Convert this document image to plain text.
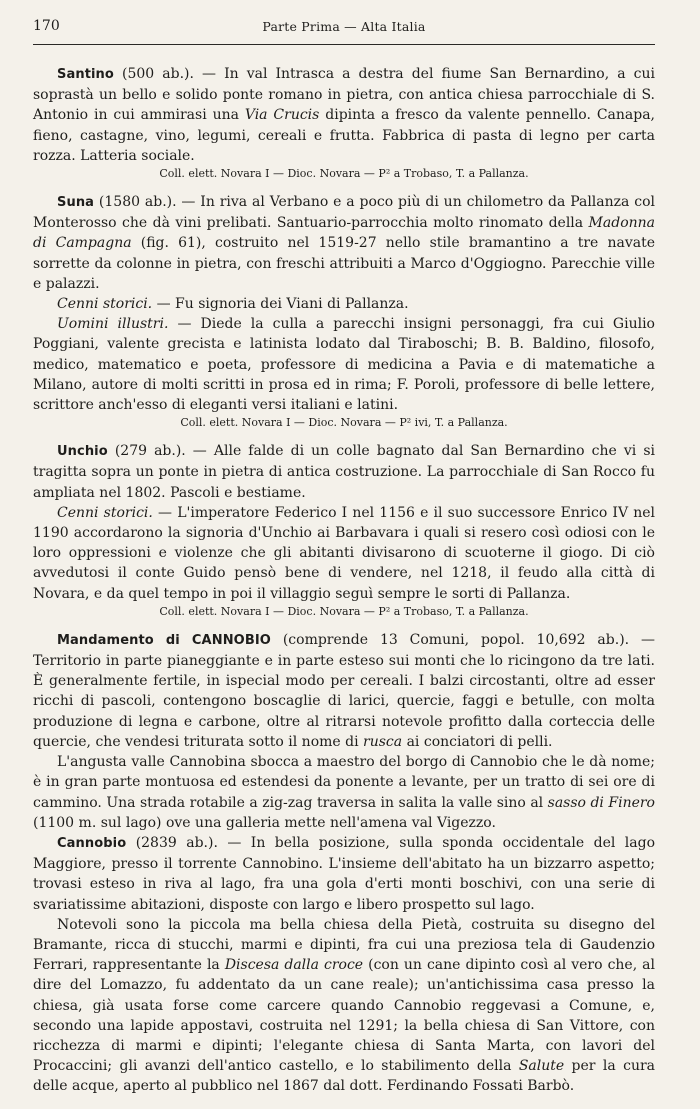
170	Parte Prima — Alta Italia

Santino (500 ab.). — In val Intrasca a destra del fiume San Bernardino, a cui soprastà un bello e solido ponte romano in pietra, con antica chiesa parrocchiale di S. Antonio in cui ammirasi una Via Crucis dipinta a fresco da valente pennello. Canapa, fieno, castagne, vino, legumi, cereali e frutta. Fabbrica di pasta di legno per carta rozza. Latteria sociale.

Coll. elett. Novara I — Dioc. Novara — P² a Trobaso, T. a Pallanza.

Suna (1580 ab.). — In riva al Verbano e a poco più di un chilometro da Pallanza col Monterosso che dà vini prelibati. Santuario-parrocchia molto rinomato della Madonna di Campagna (fig. 61), costruito nel 1519-27 nello stile bramantino a tre navate sorrette da colonne in pietra, con freschi attribuiti a Marco d'Oggiogno. Parecchie ville e palazzi.

Cenni storici. — Fu signoria dei Viani di Pallanza.

Uomini illustri. — Diede la culla a parecchi insigni personaggi, fra cui Giulio Poggiani, valente grecista e latinista lodato dal Tiraboschi; B. B. Baldino, filosofo, medico, matematico e poeta, professore di medicina a Pavia e di matematiche a Milano, autore di molti scritti in prosa ed in rima; F. Poroli, professore di belle lettere, scrittore anch'esso di eleganti versi italiani e latini.

Coll. elett. Novara I — Dioc. Novara — P² ivi, T. a Pallanza.

Unchio (279 ab.). — Alle falde di un colle bagnato dal San Bernardino che vi si tragitta sopra un ponte in pietra di antica costruzione. La parrocchiale di San Rocco fu ampliata nel 1802. Pascoli e bestiame.

Cenni storici. — L'imperatore Federico I nel 1156 e il suo successore Enrico IV nel 1190 accordarono la signoria d'Unchio ai Barbavara i quali si resero così odiosi con le loro oppressioni e violenze che gli abitanti divisarono di scuoterne il giogo. Di ciò avvedutosi il conte Guido pensò bene di vendere, nel 1218, il feudo alla città di Novara, e da quel tempo in poi il villaggio seguì sempre le sorti di Pallanza.

Coll. elett. Novara I — Dioc. Novara — P² a Trobaso, T. a Pallanza.

Mandamento di CANNOBIO (comprende 13 Comuni, popol. 10,692 ab.). — Territorio in parte pianeggiante e in parte esteso sui monti che lo ricingono da tre lati. È generalmente fertile, in ispecial modo per cereali. I balzi circostanti, oltre ad esser ricchi di pascoli, contengono boscaglie di larici, quercie, faggi e betulle, con molta produzione di legna e carbone, oltre al ritrarsi notevole profitto dalla corteccia delle quercie, che vendesi triturata sotto il nome di rusca ai conciatori di pelli.

L'angusta valle Cannobina sbocca a maestro del borgo di Cannobio che le dà nome; è in gran parte montuosa ed estendesi da ponente a levante, per un tratto di sei ore di cammino. Una strada rotabile a zig-zag traversa in salita la valle sino al sasso di Finero (1100 m. sul lago) ove una galleria mette nell'amena val Vigezzo.

Cannobio (2839 ab.). — In bella posizione, sulla sponda occidentale del lago Maggiore, presso il torrente Cannobino. L'insieme dell'abitato ha un bizzarro aspetto; trovasi esteso in riva al lago, fra una gola d'erti monti boschivi, con una serie di svariatissime abitazioni, disposte con largo e libero prospetto sul lago.

Notevoli sono la piccola ma bella chiesa della Pietà, costruita su disegno del Bramante, ricca di stucchi, marmi e dipinti, fra cui una preziosa tela di Gaudenzio Ferrari, rappresentante la Discesa dalla croce (con un cane dipinto così al vero che, al dire del Lomazzo, fu addentato da un cane reale); un'antichissima casa presso la chiesa, già usata forse come carcere quando Cannobio reggevasi a Comune, e, secondo una lapide appostavi, costruita nel 1291; la bella chiesa di San Vittore, con ricchezza di marmi e dipinti; l'elegante chiesa di Santa Marta, con lavori del Procaccini; gli avanzi dell'antico castello, e lo stabilimento della Salute per la cura delle acque, aperto al pubblico nel 1867 dal dott. Ferdinando Fossati Barbò.
